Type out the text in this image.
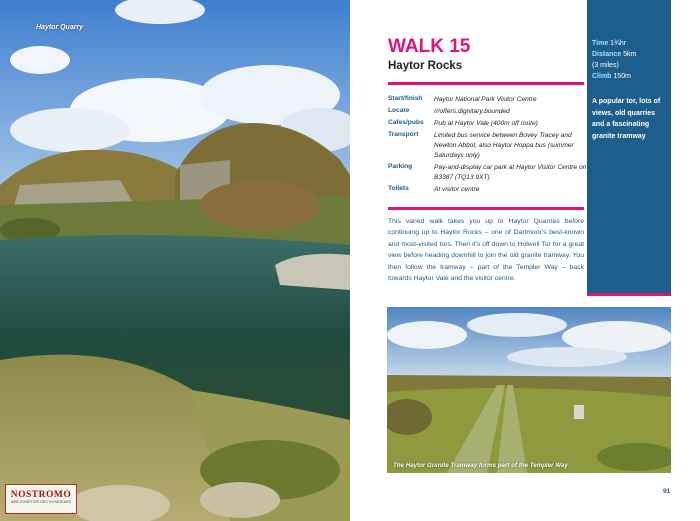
Haytor Quarry
NOSTROMO
WEB COMPTOIR DES VOYAGEURS
WALK 15
Haytor Rocks
Start/finish	Haytor National Park Visitor Centre
Locate	///offers.dignitary.bounded
Cafes/pubs	Pub at Haytor Vale (400m off route)
Transport	Limited bus service between Bovey Tracey and Newton Abbot, also Haytor Hoppa bus (summer Saturdays only)
Parking	Pay-and-display car park at Haytor Visitor Centre on B3387 (TQ13 9XT)
Toilets	At visitor centre
This varied walk takes you up to Haytor Quarries before continuing up to Haytor Rocks – one of Dartmoor's best-known and most-visited tors. Then it's off down to Holwell Tor for a great view before heading downhill to join the old granite tramway. You then follow the tramway – part of the Templer Way – back towards Haytor Vale and the visitor centre.
Time 1¾hr
Distance 5km
(3 miles)
Climb 150m
A popular tor, lots of views, old quarries and a fascinating granite tramway
The Haytor Granite Tramway forms part of the Templer Way
91
